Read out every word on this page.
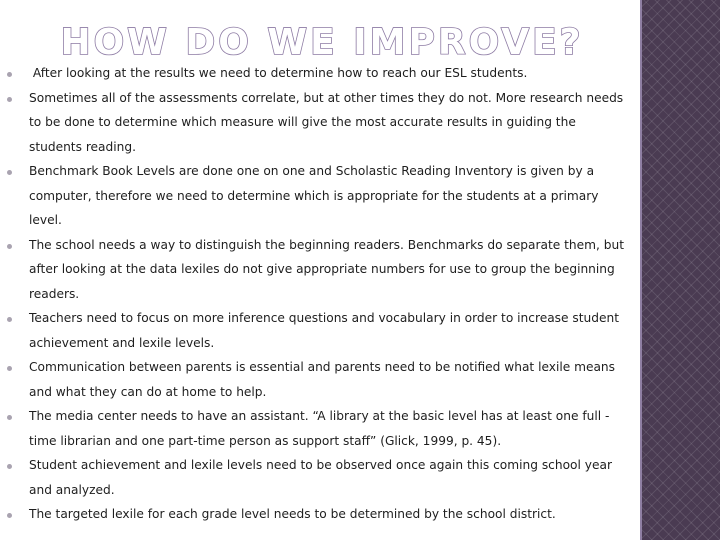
HOW DO WE IMPROVE?
After looking at the results we need to determine how to reach our ESL students.
Sometimes all of the assessments correlate, but at other times they do not. More research needs to be done to determine which measure will give the most accurate results in guiding the students reading.
Benchmark Book Levels are done one on one and Scholastic Reading Inventory is given by a computer, therefore we need to determine which is appropriate for the students at a primary level.
The school needs a way to distinguish the beginning readers. Benchmarks do separate them, but after looking at the data lexiles do not give appropriate numbers for use to group the beginning readers.
Teachers need to focus on more inference questions and vocabulary in order to increase student achievement and lexile levels.
Communication between parents is essential and parents need to be notified what lexile means and what they can do at home to help.
The media center needs to have an assistant. “A library at the basic level has at least one full -time librarian and one part-time person as support staff” (Glick, 1999, p. 45).
Student achievement and lexile levels need to be observed once again this coming school year and analyzed.
The targeted lexile for each grade level needs to be determined by the school district.
